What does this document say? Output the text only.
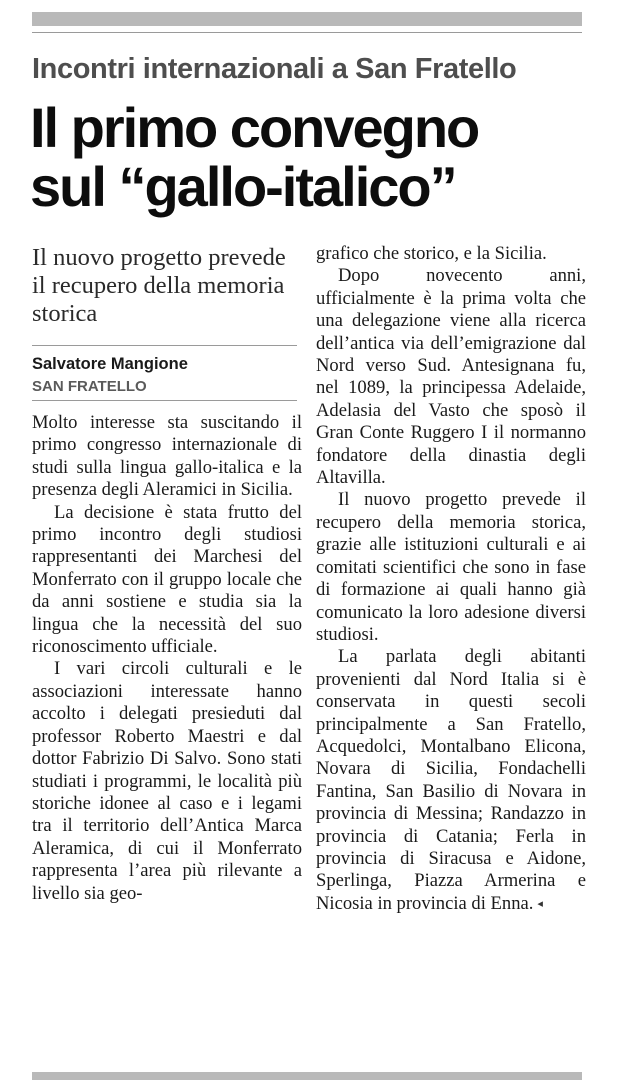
Incontri internazionali a San Fratello
Il primo convegno
sul “gallo-italico”
Il nuovo progetto prevede il recupero della memoria storica
Salvatore Mangione
SAN FRATELLO

Molto interesse sta suscitando il primo congresso internazionale di studi sulla lingua gallo-italica e la presenza degli Aleramici in Sicilia.

La decisione è stata frutto del primo incontro degli studiosi rappresentanti dei Marchesi del Monferrato con il gruppo locale che da anni sostiene e studia sia la lingua che la necessità del suo riconoscimento ufficiale.

I vari circoli culturali e le associazioni interessate hanno accolto i delegati presieduti dal professor Roberto Maestri e dal dottor Fabrizio Di Salvo. Sono stati studiati i programmi, le località più storiche idonee al caso e i legami tra il territorio dell’Antica Marca Aleramica, di cui il Monferrato rappresenta l’area più rilevante a livello sia geo-

grafico che storico, e la Sicilia.

Dopo novecento anni, ufficialmente è la prima volta che una delegazione viene alla ricerca dell’antica via dell’emigrazione dal Nord verso Sud. Antesignana fu, nel 1089, la principessa Adelaide, Adelasia del Vasto che sposò il Gran Conte Ruggero I il normanno fondatore della dinastia degli Altavilla.

Il nuovo progetto prevede il recupero della memoria storica, grazie alle istituzioni culturali e ai comitati scientifici che sono in fase di formazione ai quali hanno già comunicato la loro adesione diversi studiosi.

La parlata degli abitanti provenienti dal Nord Italia si è conservata in questi secoli principalmente a San Fratello, Acquedolci, Montalbano Elicona, Novara di Sicilia, Fondachelli Fantina, San Basilio di Novara in provincia di Messina; Randazzo in provincia di Catania; Ferla in provincia di Siracusa e Aidone, Sperlinga, Piazza Armerina e Nicosia in provincia di Enna. ◂
